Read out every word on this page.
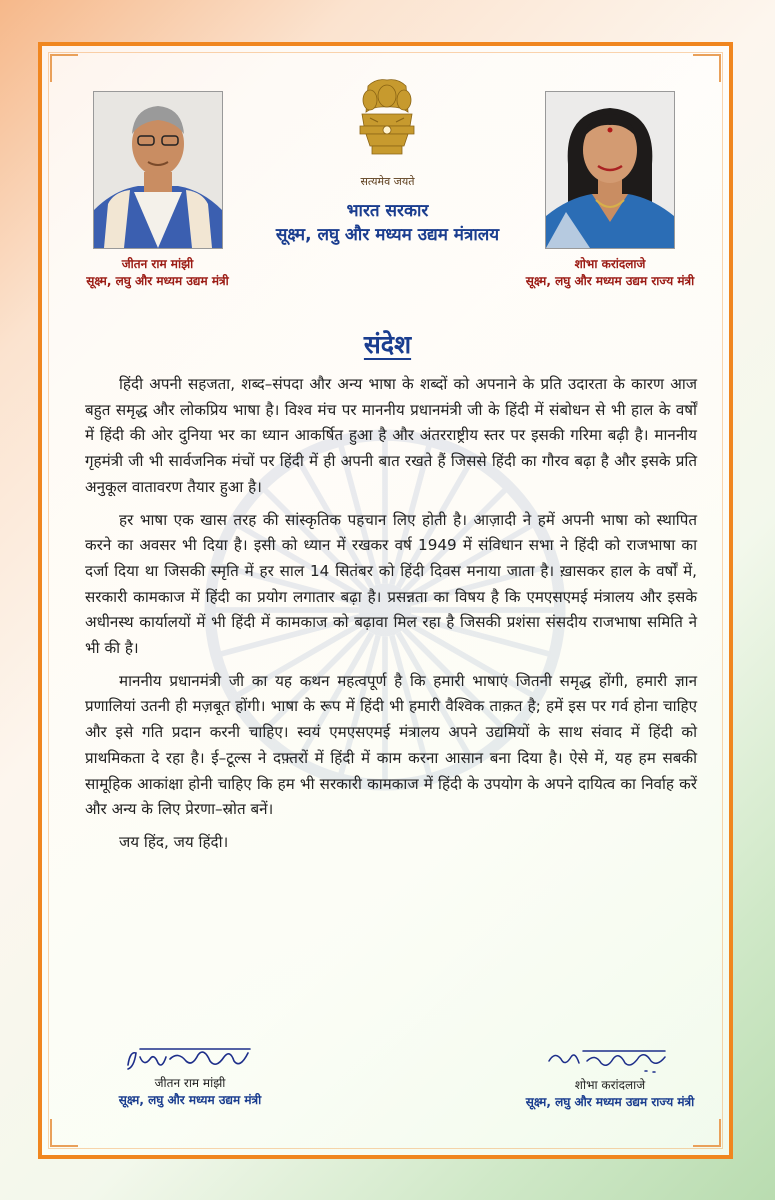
जीतन राम मांझी
सूक्ष्म, लघु और मध्यम उद्यम मंत्री
शोभा करांदलाजे
सूक्ष्म, लघु और मध्यम उद्यम राज्य मंत्री
सत्यमेव जयते
भारत सरकार
सूक्ष्म, लघु और मध्यम उद्यम मंत्रालय
संदेश

हिंदी अपनी सहजता, शब्द–संपदा और अन्य भाषा के शब्दों को अपनाने के प्रति उदारता के कारण आज बहुत समृद्ध और लोकप्रिय भाषा है। विश्व मंच पर माननीय प्रधानमंत्री जी के हिंदी में संबोधन से भी हाल के वर्षों में हिंदी की ओर दुनिया भर का ध्यान आकर्षित हुआ है और अंतरराष्ट्रीय स्तर पर इसकी गरिमा बढ़ी है। माननीय गृहमंत्री जी भी सार्वजनिक मंचों पर हिंदी में ही अपनी बात रखते हैं जिससे हिंदी का गौरव बढ़ा है और इसके प्रति अनुकूल वातावरण तैयार हुआ है।

हर भाषा एक खास तरह की सांस्कृतिक पहचान लिए होती है। आज़ादी ने हमें अपनी भाषा को स्थापित करने का अवसर भी दिया है। इसी को ध्यान में रखकर वर्ष 1949 में संविधान सभा ने हिंदी को राजभाषा का दर्जा दिया था जिसकी स्मृति में हर साल 14 सितंबर को हिंदी दिवस मनाया जाता है। ख़ासकर हाल के वर्षों में, सरकारी कामकाज में हिंदी का प्रयोग लगातार बढ़ा है। प्रसन्नता का विषय है कि एमएसएमई मंत्रालय और इसके अधीनस्थ कार्यालयों में भी हिंदी में कामकाज को बढ़ावा मिल रहा है जिसकी प्रशंसा संसदीय राजभाषा समिति ने भी की है।

माननीय प्रधानमंत्री जी का यह कथन महत्वपूर्ण है कि हमारी भाषाएं जितनी समृद्ध होंगी, हमारी ज्ञान प्रणालियां उतनी ही मज़बूत होंगी। भाषा के रूप में हिंदी भी हमारी वैश्विक ताक़त है; हमें इस पर गर्व होना चाहिए और इसे गति प्रदान करनी चाहिए। स्वयं एमएसएमई मंत्रालय अपने उद्यमियों के साथ संवाद में हिंदी को प्राथमिकता दे रहा है। ई–टूल्स ने दफ़्तरों में हिंदी में काम करना आसान बना दिया है। ऐसे में, यह हम सबकी सामूहिक आकांक्षा होनी चाहिए कि हम भी सरकारी कामकाज में हिंदी के उपयोग के अपने दायित्व का निर्वाह करें और अन्य के लिए प्रेरणा–स्रोत बनें।

जय हिंद, जय हिंदी।

जीतन राम मांझी
सूक्ष्म, लघु और मध्यम उद्यम मंत्री
शोभा करांदलाजे
सूक्ष्म, लघु और मध्यम उद्यम राज्य मंत्री
